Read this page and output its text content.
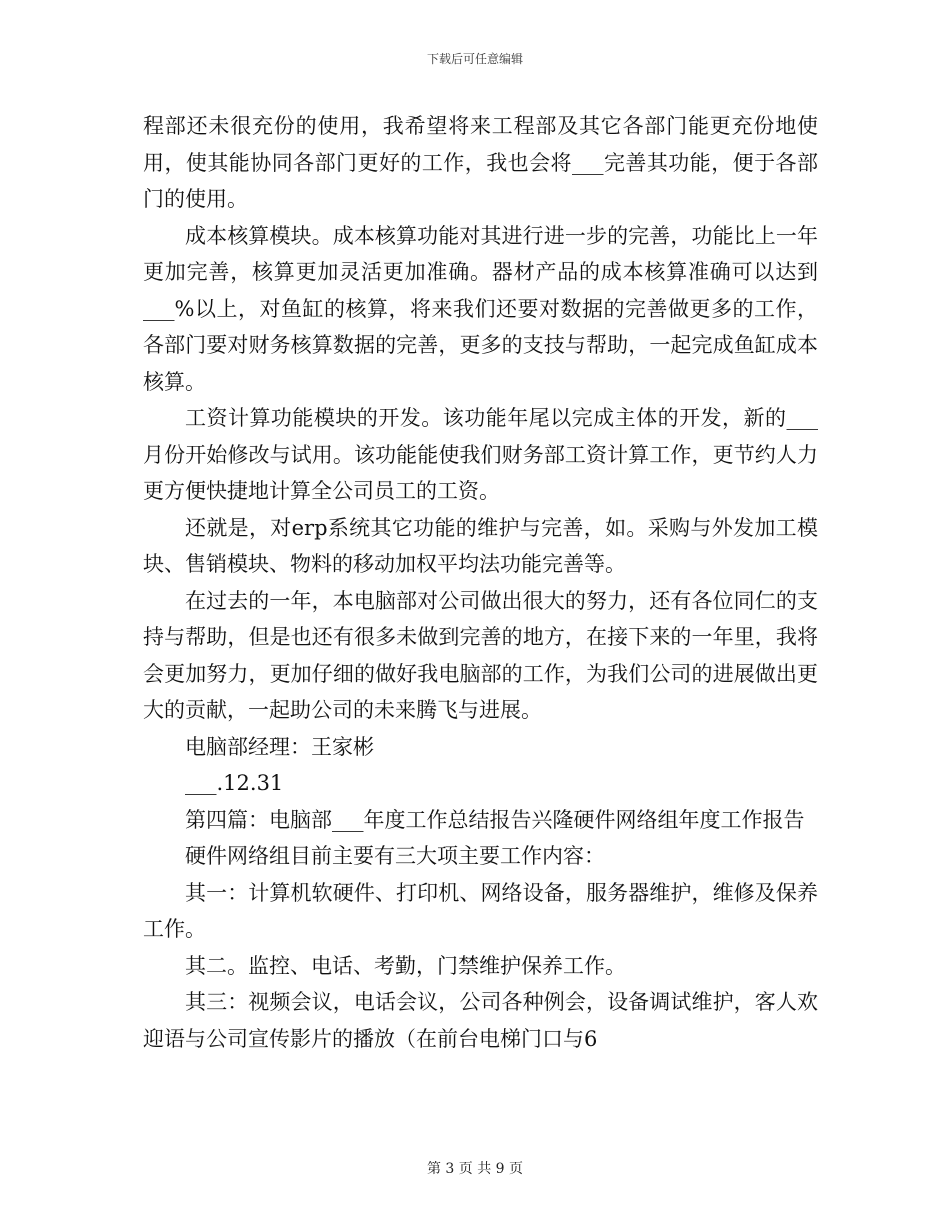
下载后可任意编辑

程部还未很充份的使用，我希望将来工程部及其它各部门能更充份地使用，使其能协同各部门更好的工作，我也会将___完善其功能，便于各部门的使用。

成本核算模块。成本核算功能对其进行进一步的完善，功能比上一年更加完善，核算更加灵活更加准确。器材产品的成本核算准确可以达到___%以上，对鱼缸的核算，将来我们还要对数据的完善做更多的工作，各部门要对财务核算数据的完善，更多的支技与帮助，一起完成鱼缸成本核算。

工资计算功能模块的开发。该功能年尾以完成主体的开发，新的___月份开始修改与试用。该功能能使我们财务部工资计算工作，更节约人力更方便快捷地计算全公司员工的工资。

还就是，对erp系统其它功能的维护与完善，如。采购与外发加工模块、售销模块、物料的移动加权平均法功能完善等。

在过去的一年，本电脑部对公司做出很大的努力，还有各位同仁的支持与帮助，但是也还有很多未做到完善的地方，在接下来的一年里，我将会更加努力，更加仔细的做好我电脑部的工作，为我们公司的进展做出更大的贡献，一起助公司的未来腾飞与进展。

电脑部经理：王家彬

___.12.31

第四篇：电脑部___年度工作总结报告兴隆硬件网络组年度工作报告

硬件网络组目前主要有三大项主要工作内容：

其一：计算机软硬件、打印机、网络设备，服务器维护，维修及保养工作。

其二。监控、电话、考勤，门禁维护保养工作。

其三：视频会议，电话会议，公司各种例会，设备调试维护，客人欢迎语与公司宣传影片的播放（在前台电梯门口与6

第 3 页 共 9 页
